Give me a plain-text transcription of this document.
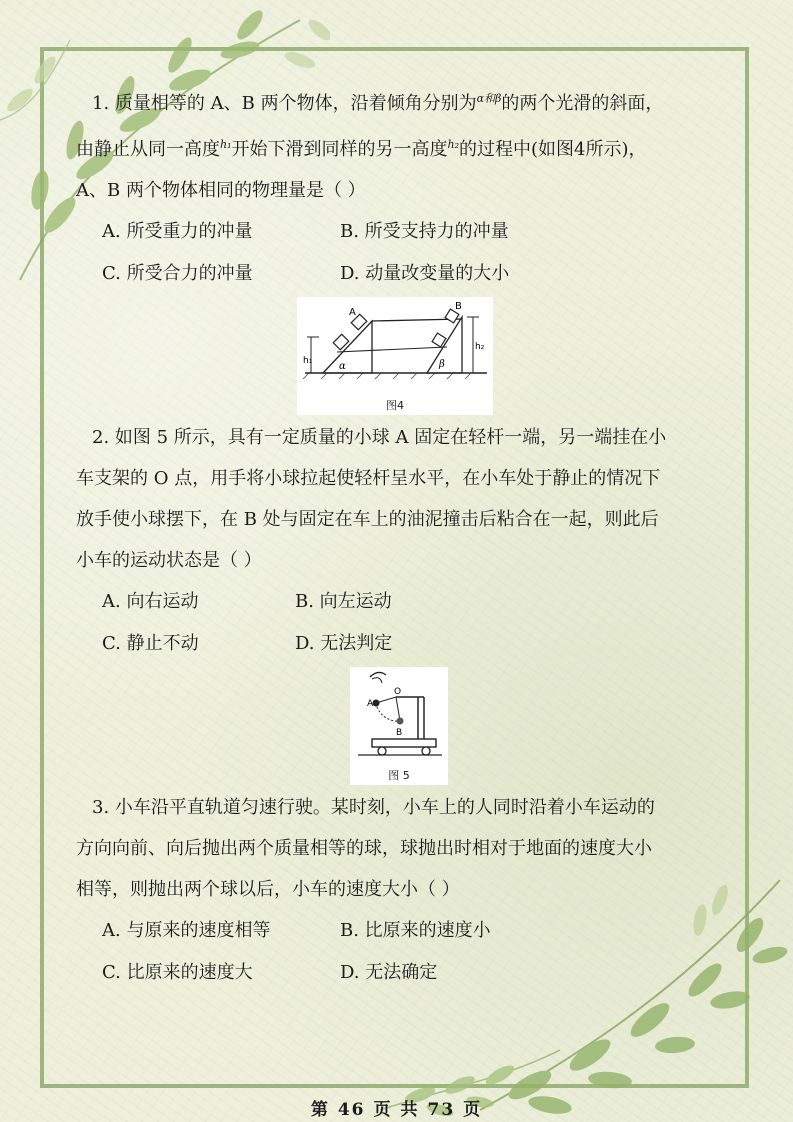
1. 质量相等的 A、B 两个物体，沿着倾角分别为$^{\alpha 和\beta}$的两个光滑的斜面，
由静止从同一高度$^{h_1}$开始下滑到同样的另一高度$^{h_2}$的过程中(如图4所示)，
A、B 两个物体相同的物理量是（ ）
A. 所受重力的冲量	B. 所受支持力的冲量
C. 所受合力的冲量	D. 动量改变量的大小
A
B
h₁
h₂
α	β
图4
2. 如图 5 所示，具有一定质量的小球 A 固定在轻杆一端，另一端挂在小
车支架的 O 点，用手将小球拉起使轻杆呈水平，在小车处于静止的情况下
放手使小球摆下，在 B 处与固定在车上的油泥撞击后粘合在一起，则此后
小车的运动状态是（ ）
A. 向右运动	B. 向左运动
C. 静止不动	D. 无法判定
O
A
B
图 5
3. 小车沿平直轨道匀速行驶。某时刻，小车上的人同时沿着小车运动的
方向向前、向后抛出两个质量相等的球，球抛出时相对于地面的速度大小
相等，则抛出两个球以后，小车的速度大小（ ）
A. 与原来的速度相等	B. 比原来的速度小
C. 比原来的速度大	D. 无法确定
第 46 页 共 73 页
